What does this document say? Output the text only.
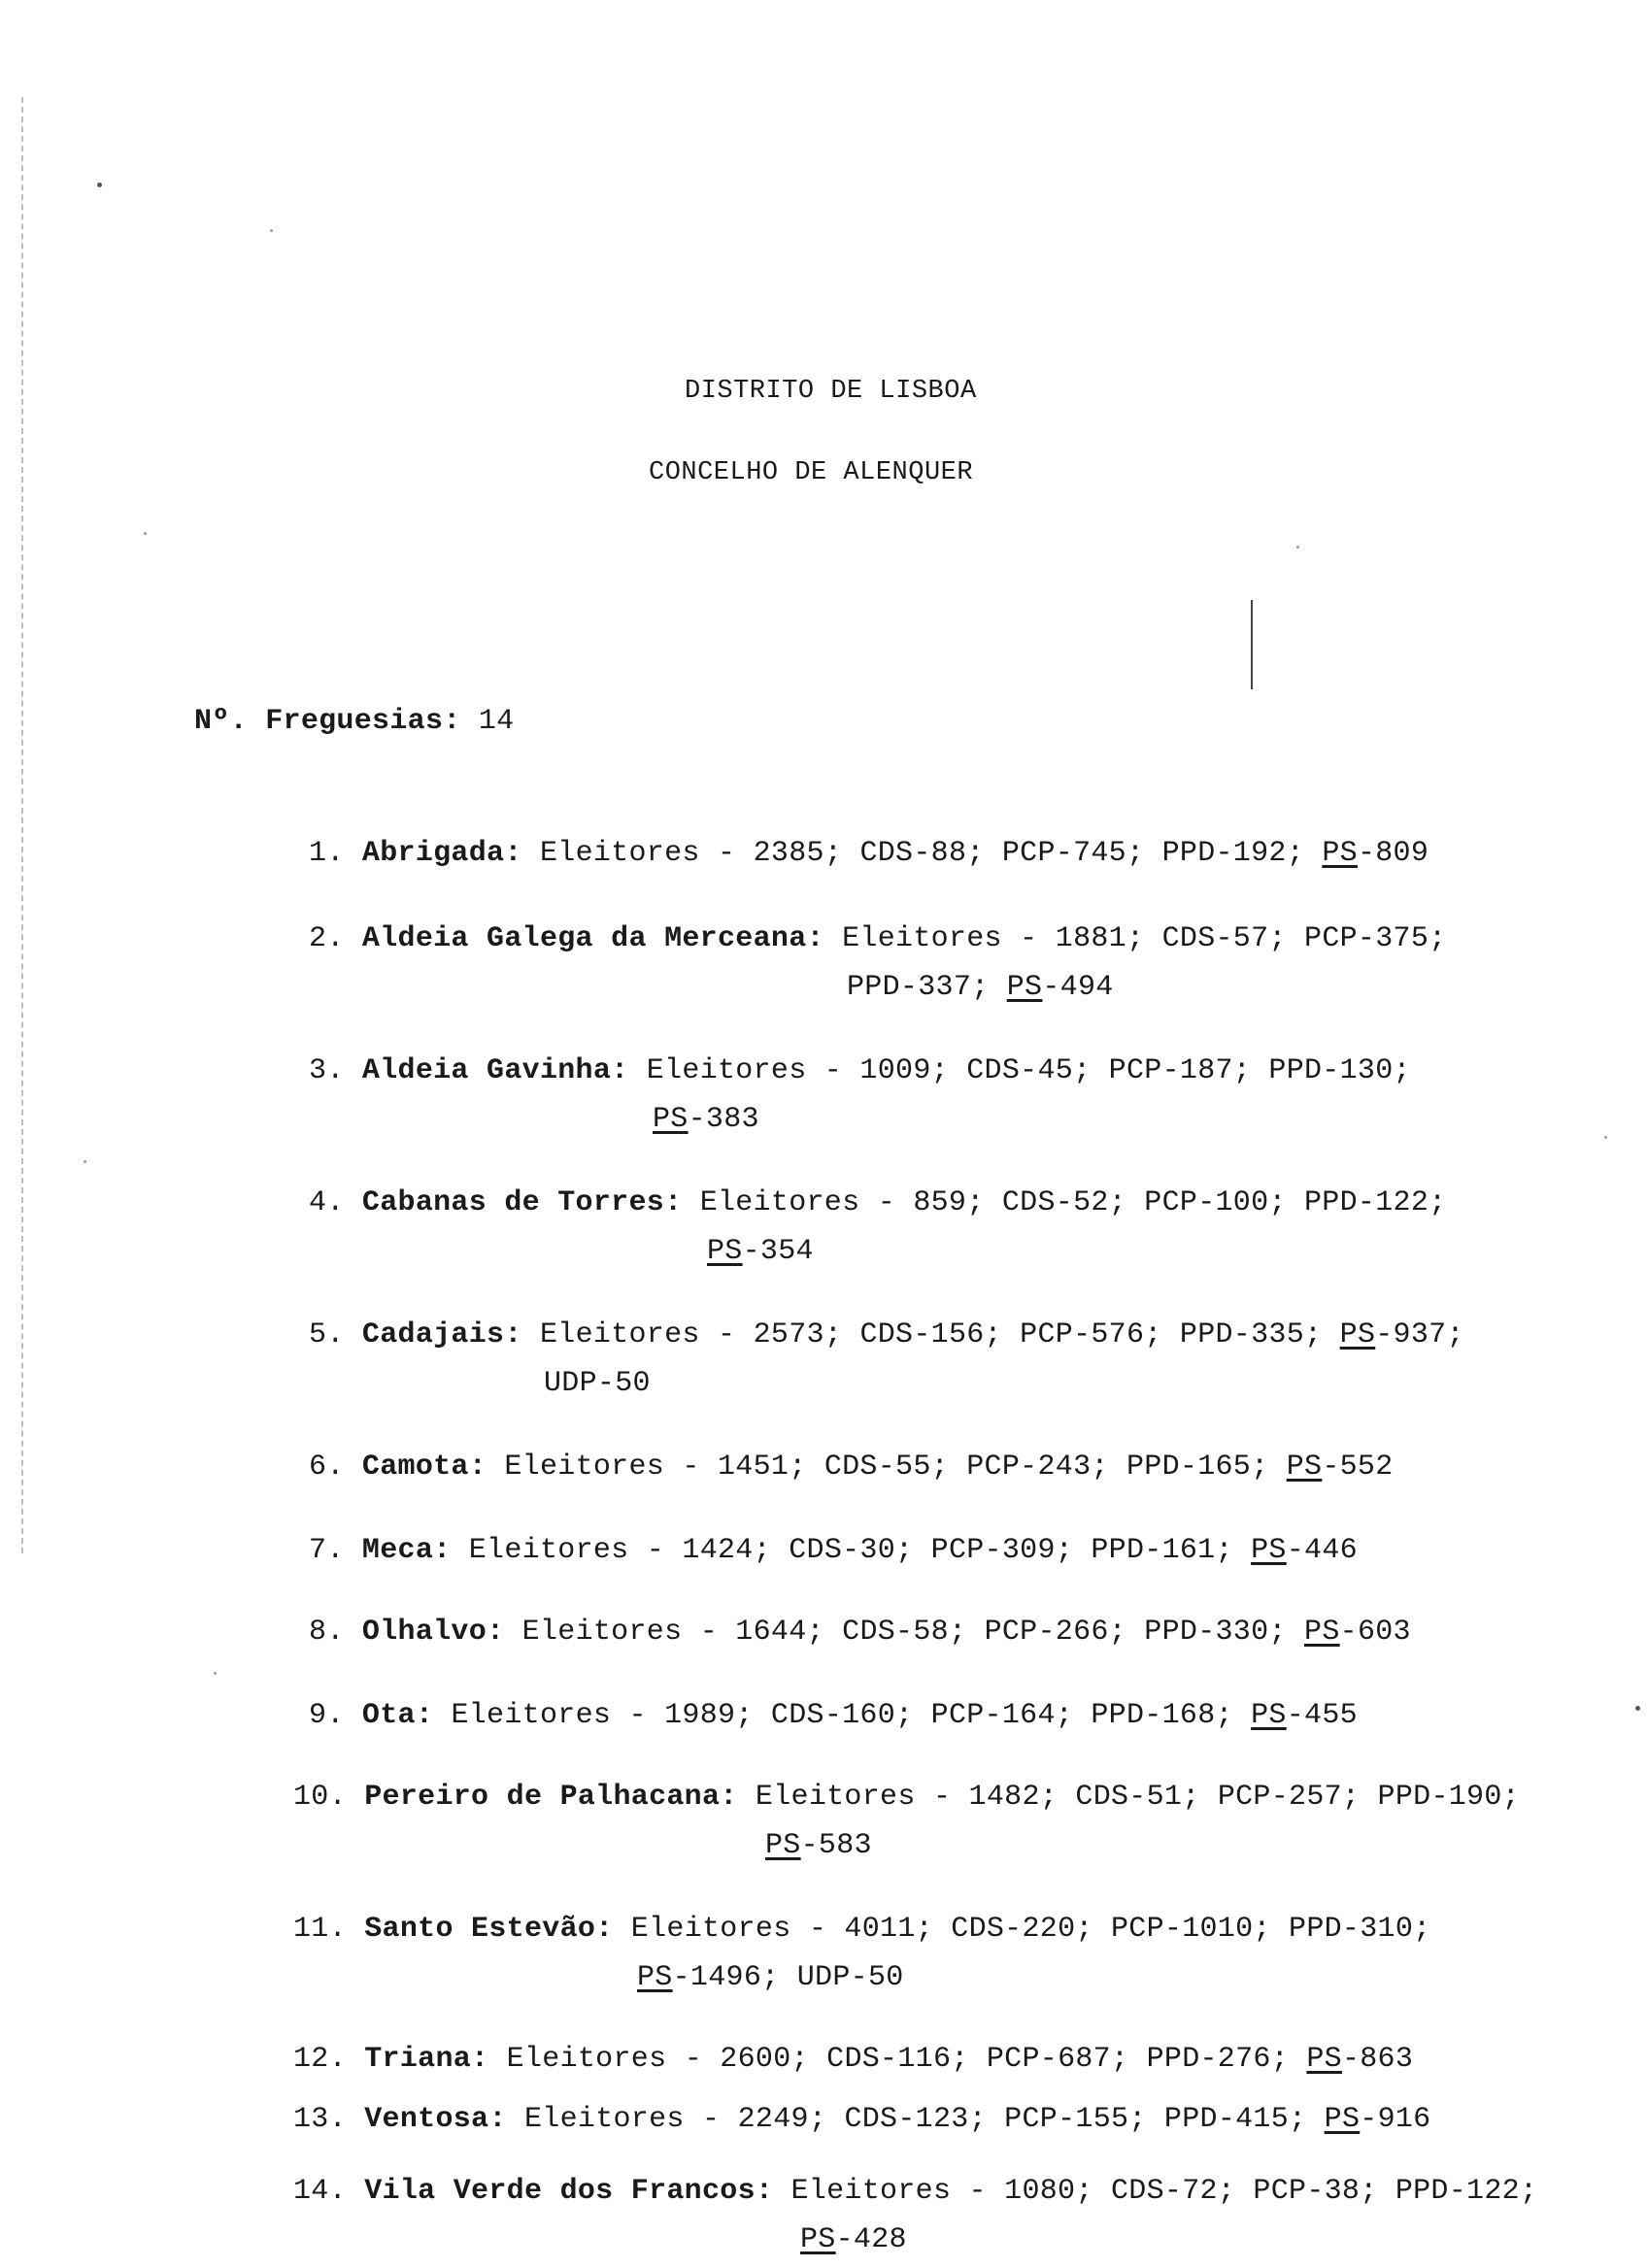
DISTRITO DE LISBOA
CONCELHO DE ALENQUER
Nº. Freguesias: 14
1. Abrigada: Eleitores - 2385; CDS-88; PCP-745; PPD-192; PS-809
2. Aldeia Galega da Merceana: Eleitores - 1881; CDS-57; PCP-375;
PPD-337; PS-494
3. Aldeia Gavinha: Eleitores - 1009; CDS-45; PCP-187; PPD-130;
PS-383
4. Cabanas de Torres: Eleitores - 859; CDS-52; PCP-100; PPD-122;
PS-354
5. Cadajais: Eleitores - 2573; CDS-156; PCP-576; PPD-335; PS-937;
UDP-50
6. Camota: Eleitores - 1451; CDS-55; PCP-243; PPD-165; PS-552
7. Meca: Eleitores - 1424; CDS-30; PCP-309; PPD-161; PS-446
8. Olhalvo: Eleitores - 1644; CDS-58; PCP-266; PPD-330; PS-603
9. Ota: Eleitores - 1989; CDS-160; PCP-164; PPD-168; PS-455
10. Pereiro de Palhacana: Eleitores - 1482; CDS-51; PCP-257; PPD-190;
PS-583
11. Santo Estevão: Eleitores - 4011; CDS-220; PCP-1010; PPD-310;
PS-1496; UDP-50
12. Triana: Eleitores - 2600; CDS-116; PCP-687; PPD-276; PS-863
13. Ventosa: Eleitores - 2249; CDS-123; PCP-155; PPD-415; PS-916
14. Vila Verde dos Francos: Eleitores - 1080; CDS-72; PCP-38; PPD-122;
PS-428
